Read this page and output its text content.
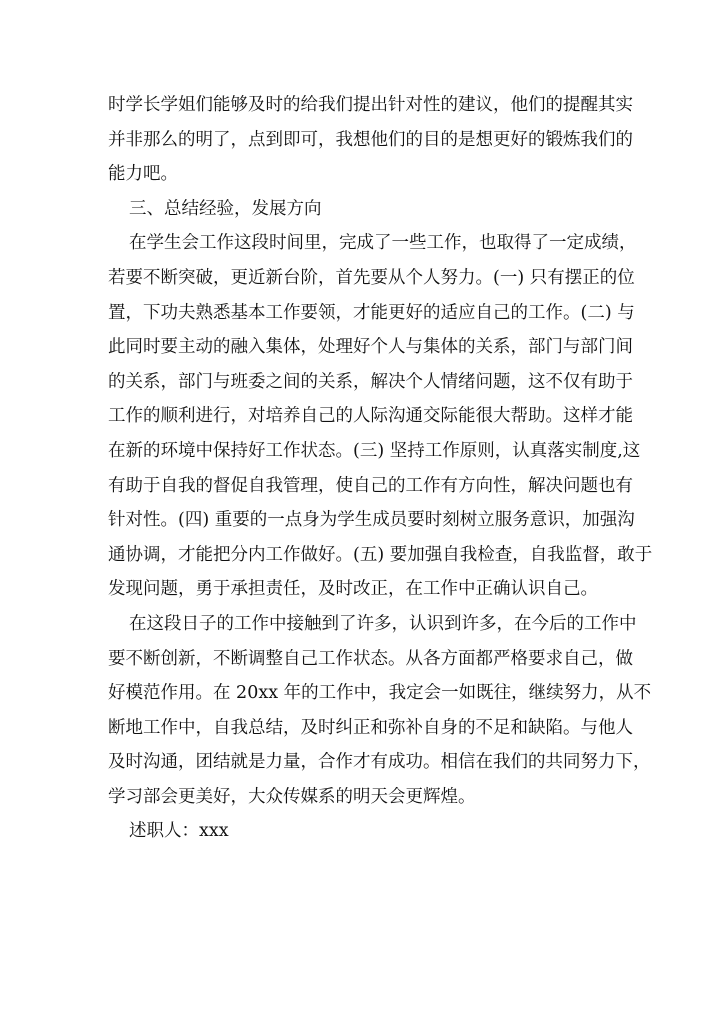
时学长学姐们能够及时的给我们提出针对性的建议，他们的提醒其实
并非那么的明了，点到即可，我想他们的目的是想更好的锻炼我们的
能力吧。
三、总结经验，发展方向
在学生会工作这段时间里，完成了一些工作，也取得了一定成绩，
若要不断突破，更近新台阶，首先要从个人努力。(一) 只有摆正的位
置，下功夫熟悉基本工作要领，才能更好的适应自己的工作。(二) 与
此同时要主动的融入集体，处理好个人与集体的关系，部门与部门间
的关系，部门与班委之间的关系，解决个人情绪问题，这不仅有助于
工作的顺利进行，对培养自己的人际沟通交际能很大帮助。这样才能
在新的环境中保持好工作状态。(三) 坚持工作原则，认真落实制度,这
有助于自我的督促自我管理，使自己的工作有方向性，解决问题也有
针对性。(四) 重要的一点身为学生成员要时刻树立服务意识，加强沟
通协调，才能把分内工作做好。(五) 要加强自我检查，自我监督，敢于
发现问题，勇于承担责任，及时改正，在工作中正确认识自己。
在这段日子的工作中接触到了许多，认识到许多，在今后的工作中
要不断创新，不断调整自己工作状态。从各方面都严格要求自己，做
好模范作用。在 20xx 年的工作中，我定会一如既往，继续努力，从不
断地工作中，自我总结，及时纠正和弥补自身的不足和缺陷。与他人
及时沟通，团结就是力量，合作才有成功。相信在我们的共同努力下，
学习部会更美好，大众传媒系的明天会更辉煌。
述职人：xxx
